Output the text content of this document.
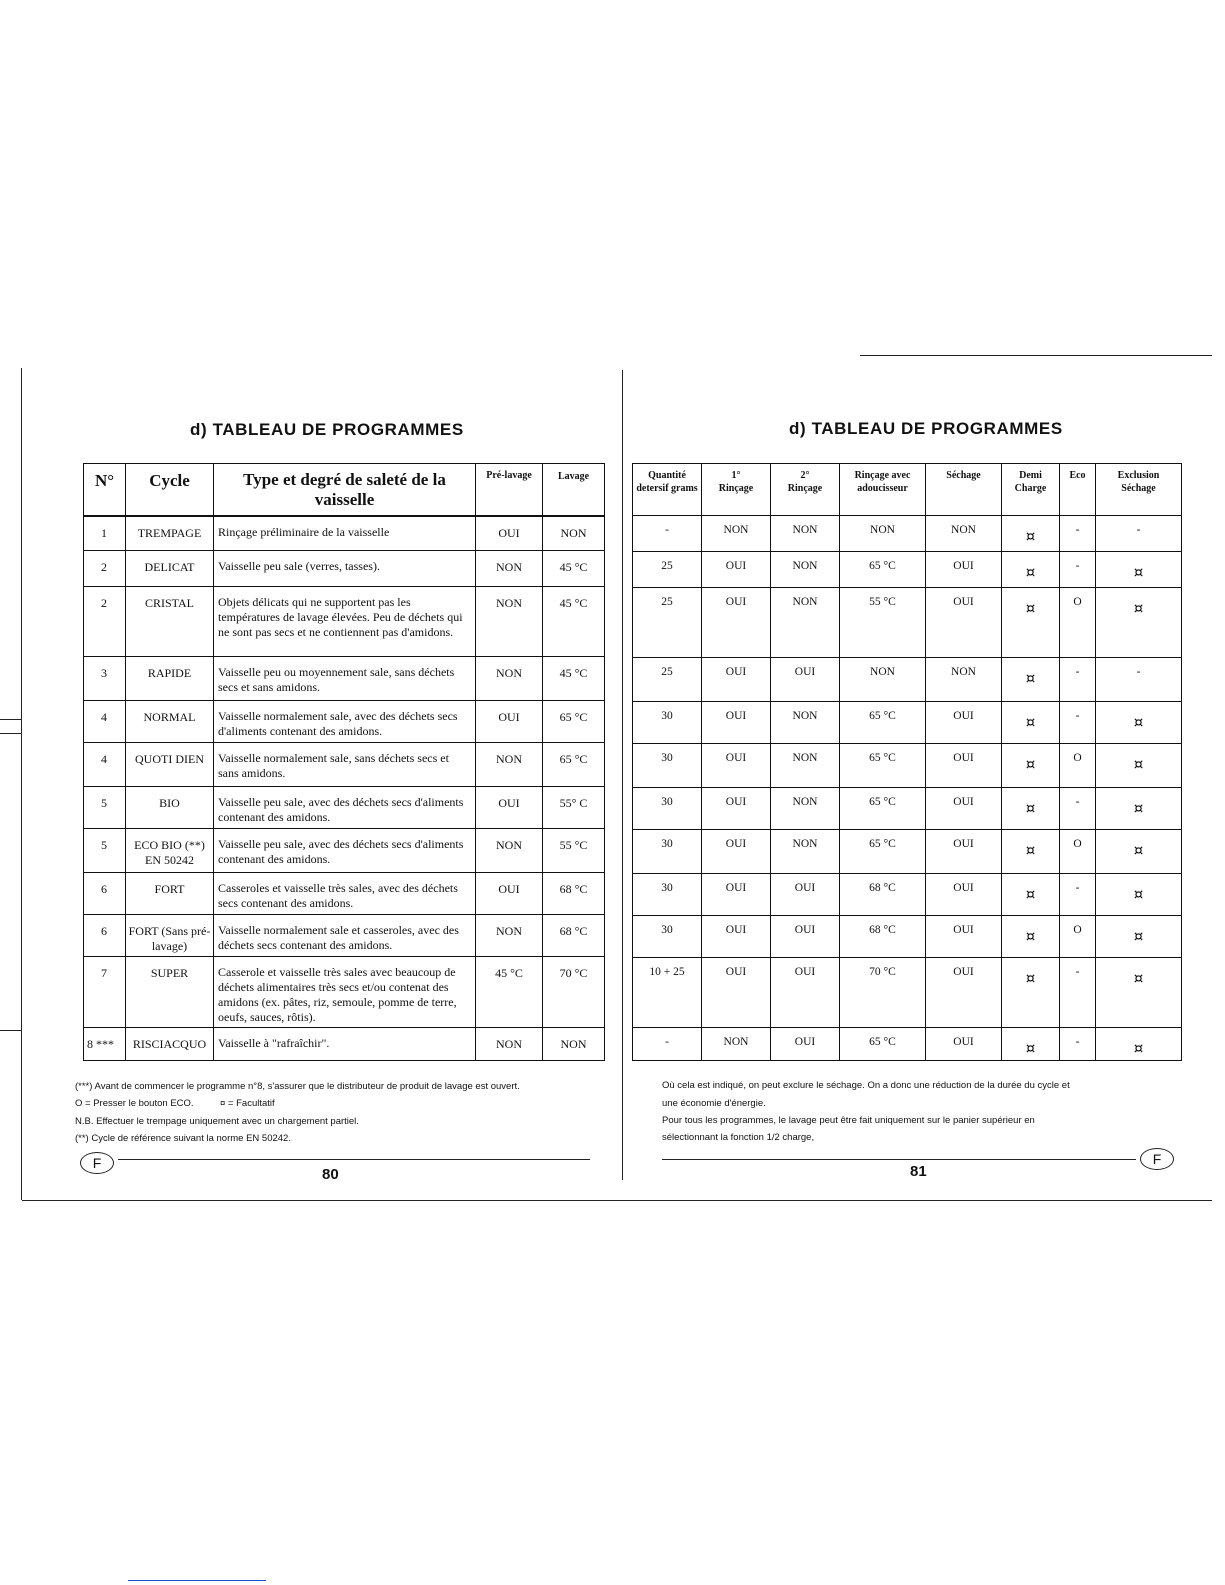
d) TABLEAU DE PROGRAMMES
N°	Cycle	Type et degré de saleté de la vaisselle	Pré-lavage	Lavage
1	TREMPAGE	Rinçage préliminaire de la vaisselle	OUI	NON
2	DELICAT	Vaisselle peu sale (verres, tasses).	NON	45 °C
2	CRISTAL	Objets délicats qui ne supportent pas les températures de lavage élevées. Peu de déchets qui ne sont pas secs et ne contiennent pas d'amidons.	NON	45 °C
3	RAPIDE	Vaisselle peu ou moyennement sale, sans déchets secs et sans amidons.	NON	45 °C
4	NORMAL	Vaisselle normalement sale, avec des déchets secs d'aliments contenant des amidons.	OUI	65 °C
4	QUOTI DIEN	Vaisselle normalement sale, sans déchets secs et sans amidons.	NON	65 °C
5	BIO	Vaisselle peu sale, avec des déchets secs d'aliments contenant des amidons.	OUI	55° C
5	ECO BIO (**) EN 50242	Vaisselle peu sale, avec des déchets secs d'aliments contenant des amidons.	NON	55 °C
6	FORT	Casseroles et vaisselle très sales, avec des déchets secs contenant des amidons.	OUI	68 °C
6	FORT (Sans pré-lavage)	Vaisselle normalement sale et casseroles, avec des déchets secs contenant des amidons.	NON	68 °C
7	SUPER	Casserole et vaisselle très sales avec beaucoup de déchets alimentaires très secs et/ou contenat des amidons (ex. pâtes, riz, semoule, pomme de terre, oeufs, sauces, rôtis).	45 °C	70 °C
8 ***	RISCIACQUO	Vaisselle à "rafraîchir".	NON	NON
(***) Avant de commencer le programme n°8, s'assurer que le distributeur de produit de lavage est ouvert.
O = Presser le bouton ECO.	¤ = Facultatif
N.B. Effectuer le trempage uniquement avec un chargement partiel.
(**) Cycle de référence suivant la norme EN 50242.
F
80
d) TABLEAU DE PROGRAMMES
Quantité detersif grams	1° Rinçage	2° Rinçage	Rinçage avec adoucisseur	Séchage	Demi Charge	Eco	Exclusion Séchage
-	NON	NON	NON	NON	¤	-	-
25	OUI	NON	65 °C	OUI	¤	-	¤
25	OUI	NON	55 °C	OUI	¤	O	¤
25	OUI	OUI	NON	NON	¤	-	-
30	OUI	NON	65 °C	OUI	¤	-	¤
30	OUI	NON	65 °C	OUI	¤	O	¤
30	OUI	NON	65 °C	OUI	¤	-	¤
30	OUI	NON	65 °C	OUI	¤	O	¤
30	OUI	OUI	68 °C	OUI	¤	-	¤
30	OUI	OUI	68 °C	OUI	¤	O	¤
10 + 25	OUI	OUI	70 °C	OUI	¤	-	¤
-	NON	OUI	65 °C	OUI	¤	-	¤
Où cela est indiqué, on peut exclure le séchage. On a donc une réduction de la durée du cycle et
une économie d'énergie.
Pour tous les programmes, le lavage peut être fait uniquement sur le panier supérieur en
sélectionnant la fonction 1/2 charge,
F
81
